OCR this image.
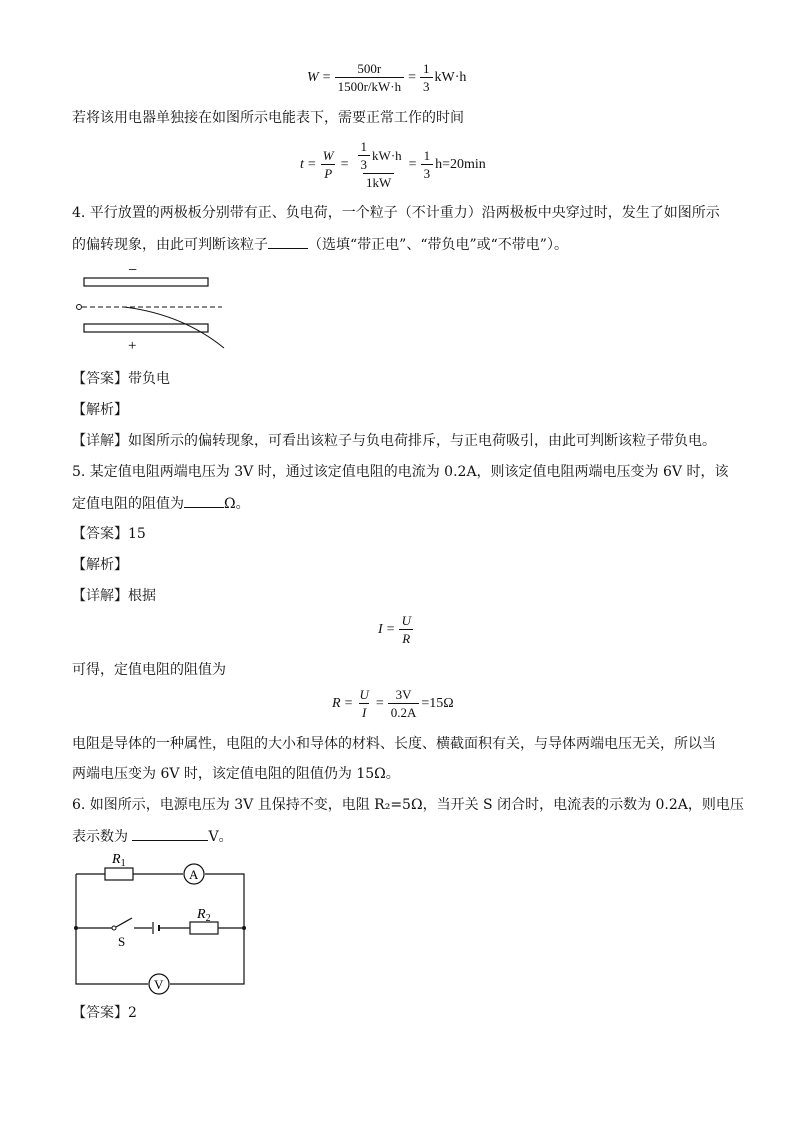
$W = \frac{500r}{1500r/kW\cdot h} = \frac{1}{3} kW\cdot h$
若将该用电器单独接在如图所示电能表下，需要正常工作的时间
$t = \frac{W}{P} = \frac{\frac{1}{3} kW\cdot h}{1kW} = \frac{1}{3} h=20\min$
4. 平行放置的两极板分别带有正、负电荷，一个粒子（不计重力）沿两极板中央穿过时，发生了如图所示
的偏转现象，由此可判断该粒子	（选填“带正电”、“带负电”或“不带电”）。
−
+
【答案】带负电
【解析】
【详解】如图所示的偏转现象，可看出该粒子与负电荷排斥，与正电荷吸引，由此可判断该粒子带负电。
5. 某定值电阻两端电压为 3V 时，通过该定值电阻的电流为 0.2A，则该定值电阻两端电压变为 6V 时，该
定值电阻的阻值为	Ω。
【答案】15
【解析】
【详解】根据
$I = \frac{U}{R}$
可得，定值电阻的阻值为
$R = \frac{U}{I} = \frac{3V}{0.2A} =15\Omega$
电阻是导体的一种属性，电阻的大小和导体的材料、长度、横截面积有关，与导体两端电压无关，所以当
两端电压变为 6V 时，该定值电阻的阻值仍为 15Ω。
6. 如图所示，电源电压为 3V 且保持不变，电阻 R₂=5Ω，当开关 S 闭合时，电流表的示数为 0.2A，则电压
表示数为	V。
$R_1$
A
V
$R_2$
S
【答案】2
